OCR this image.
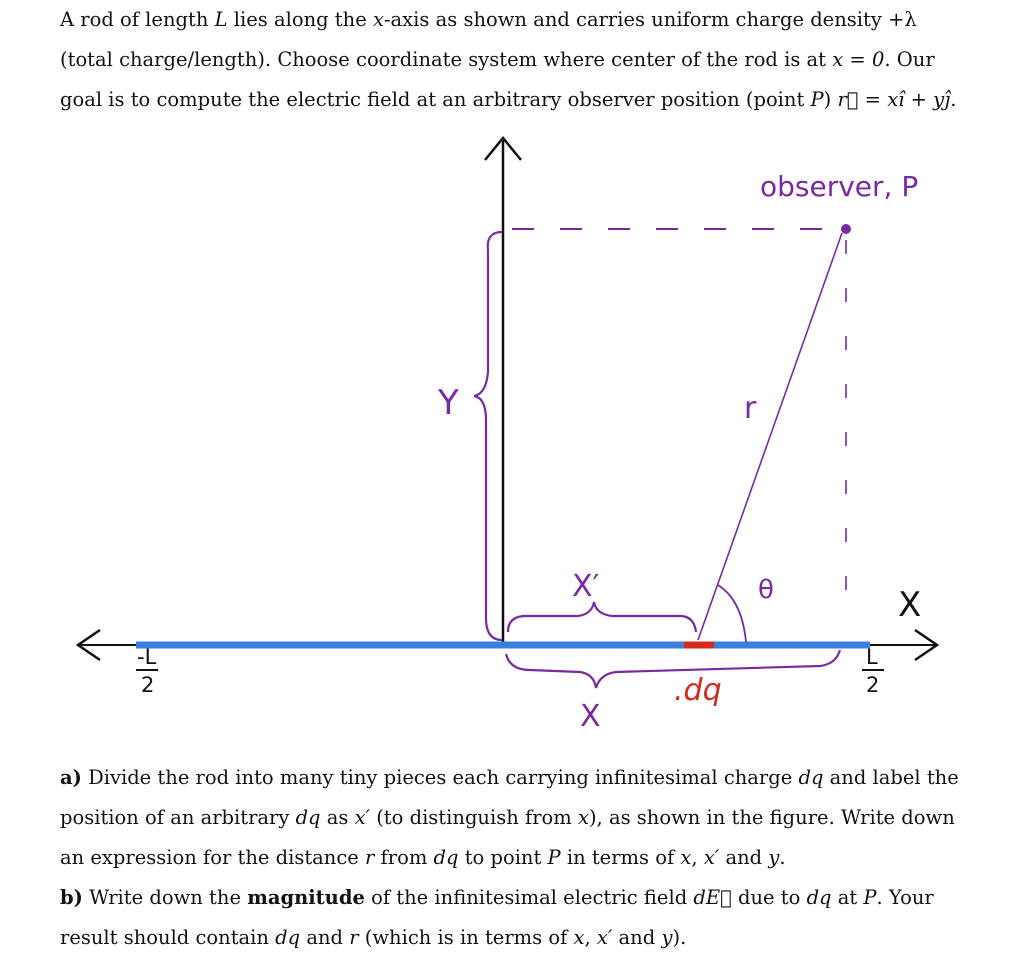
A rod of length L lies along the x-axis as shown and carries uniform charge density +λ (total charge/length). Choose coordinate system where center of the rod is at x = 0. Our goal is to compute the electric field at an arbitrary observer position (point P) r⃗ = xî + yĵ.
observer, P
Y	r
θ
X′	X
X
.dq
-L
2
L
2
a) Divide the rod into many tiny pieces each carrying infinitesimal charge dq and label the position of an arbitrary dq as x′ (to distinguish from x), as shown in the figure. Write down an expression for the distance r from dq to point P in terms of x, x′ and y.
b) Write down the magnitude of the infinitesimal electric field dE⃗ due to dq at P. Your result should contain dq and r (which is in terms of x, x′ and y).
